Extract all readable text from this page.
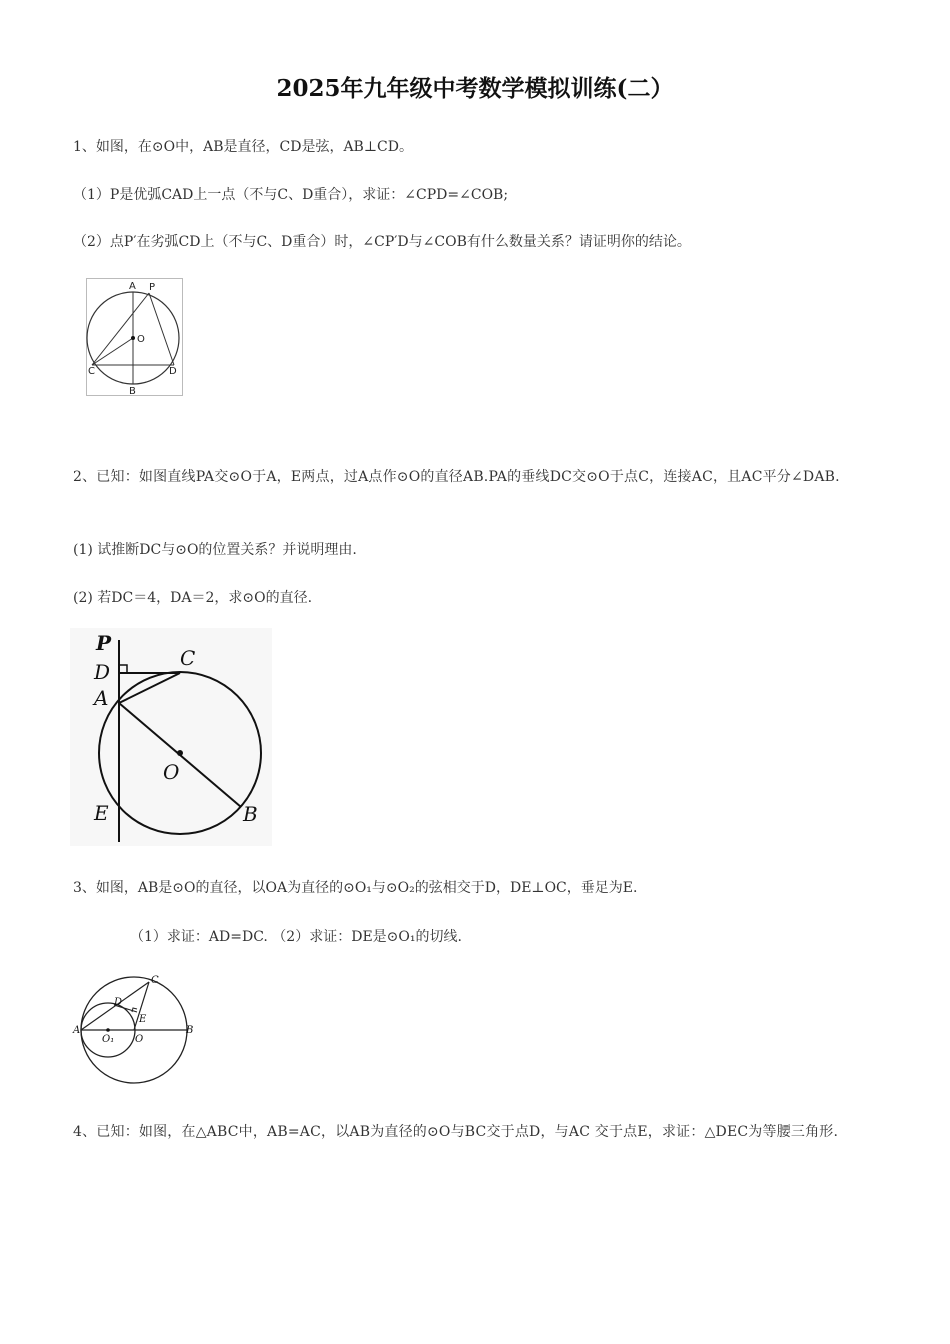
2025年九年级中考数学模拟训练(二）
1、如图，在⊙O中，AB是直径，CD是弦，AB⊥CD。
（1）P是优弧CAD上一点（不与C、D重合），求证：∠CPD=∠COB;
（2）点P′在劣弧CD上（不与C、D重合）时，∠CP′D与∠COB有什么数量关系？请证明你的结论。
A P
O
C	D
B
2、已知：如图直线PA交⊙O于A，E两点，过A点作⊙O的直径AB.PA的垂线DC交⊙O于点C，连接AC，且AC平分∠DAB.
(1) 试推断DC与⊙O的位置关系？并说明理由.
(2) 若DC＝4，DA＝2，求⊙O的直径.
P
D
C
A
O
E	B
3、如图，AB是⊙O的直径，以OA为直径的⊙O₁与⊙O₂的弦相交于D，DE⊥OC，垂足为E.
（1）求证：AD=DC. （2）求证：DE是⊙O₁的切线.
C
D
E
A
O₁ O
B
4、已知：如图，在△ABC中，AB=AC，以AB为直径的⊙O与BC交于点D，与AC 交于点E，求证：△DEC为等腰三角形.
